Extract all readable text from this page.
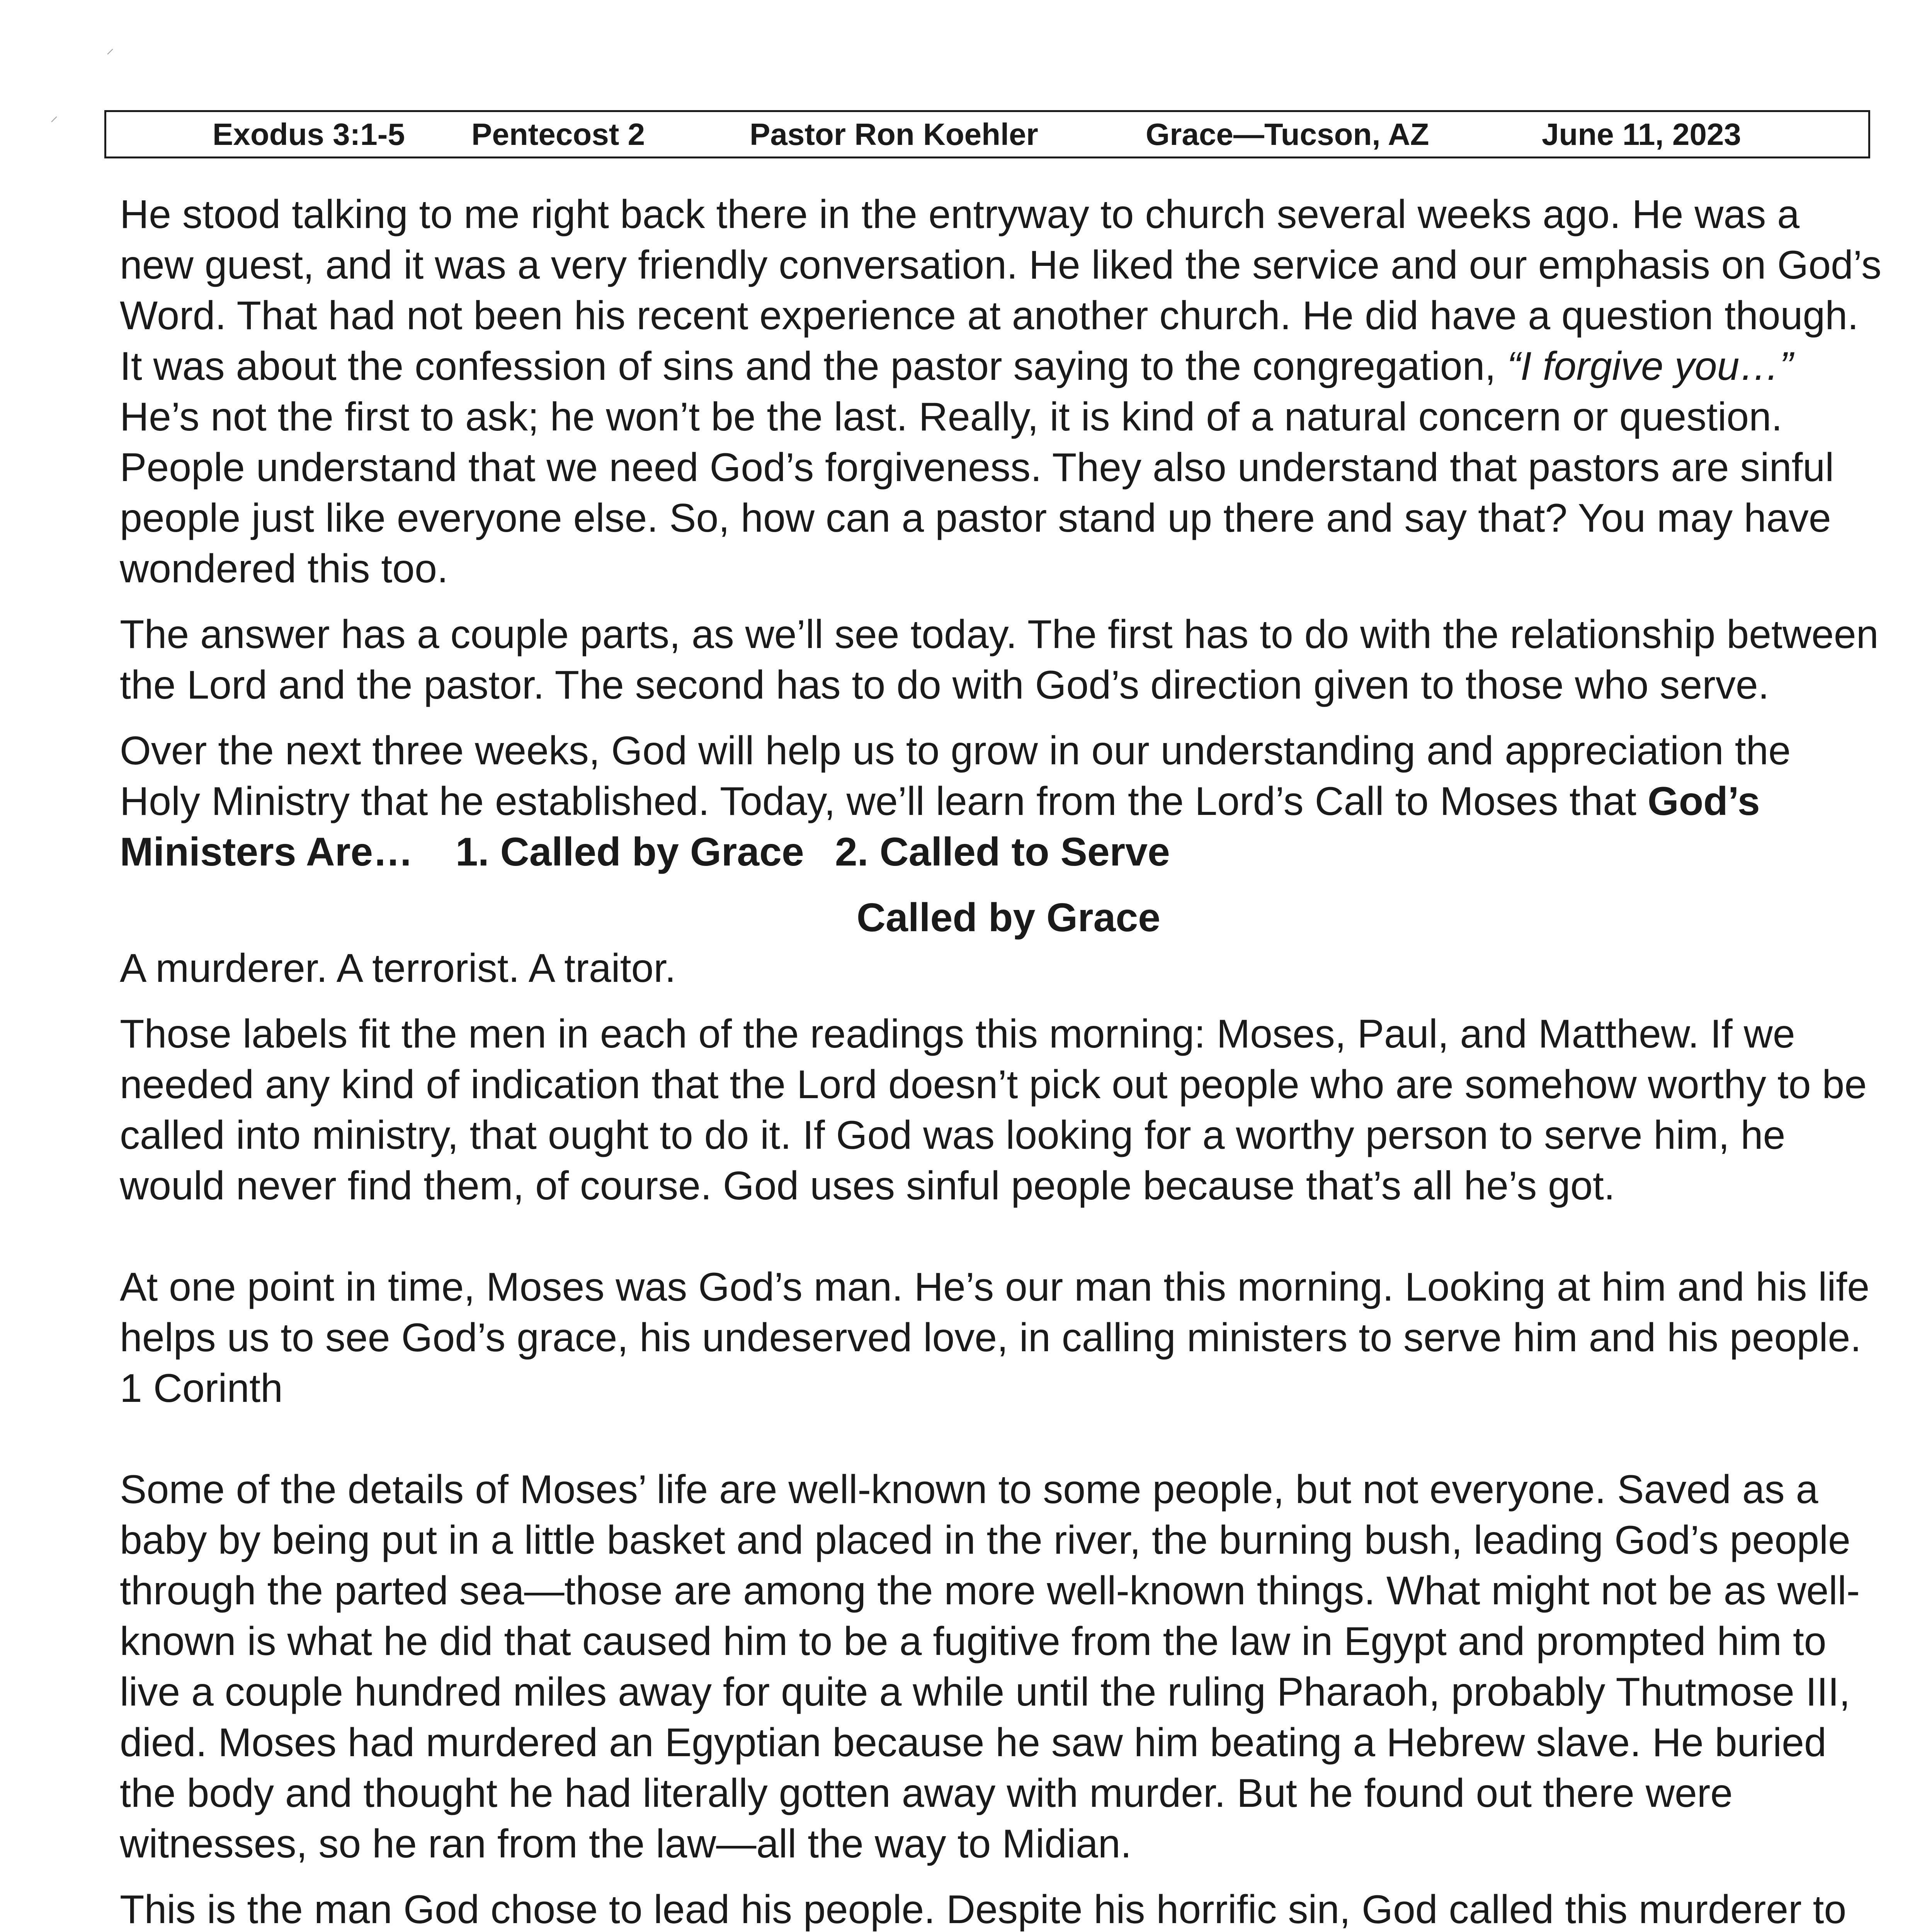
⸝
⸝
Exodus 3:1-5 Pentecost 2	Pastor Ron Koehler	Grace—Tucson, AZ	June 11, 2023

He stood talking to me right back there in the entryway to church several weeks ago. He was a new guest, and it was a very friendly conversation. He liked the service and our emphasis on God’s Word. That had not been his recent experience at another church. He did have a question though. It was about the confession of sins and the pastor saying to the congregation, “I forgive you…” He’s not the first to ask; he won’t be the last. Really, it is kind of a natural concern or question. People understand that we need God’s forgiveness. They also understand that pastors are sinful people just like everyone else. So, how can a pastor stand up there and say that? You may have wondered this too.

The answer has a couple parts, as we’ll see today. The first has to do with the relationship between the Lord and the pastor. The second has to do with God’s direction given to those who serve.

Over the next three weeks, God will help us to grow in our understanding and appreciation the Holy Ministry that he established. Today, we’ll learn from the Lord’s Call to Moses that God’s Ministers Are… 1. Called by Grace 2. Called to Serve

Called by Grace

A murderer. A terrorist. A traitor.

Those labels fit the men in each of the readings this morning: Moses, Paul, and Matthew. If we needed any kind of indication that the Lord doesn’t pick out people who are somehow worthy to be called into ministry, that ought to do it. If God was looking for a worthy person to serve him, he would never find them, of course. God uses sinful people because that’s all he’s got.

At one point in time, Moses was God’s man. He’s our man this morning. Looking at him and his life helps us to see God’s grace, his undeserved love, in calling ministers to serve him and his people. 1 Corinth

Some of the details of Moses’ life are well-known to some people, but not everyone. Saved as a baby by being put in a little basket and placed in the river, the burning bush, leading God’s people through the parted sea—those are among the more well-known things. What might not be as well-known is what he did that caused him to be a fugitive from the law in Egypt and prompted him to live a couple hundred miles away for quite a while until the ruling Pharaoh, probably Thutmose III, died. Moses had murdered an Egyptian because he saw him beating a Hebrew slave. He buried the body and thought he had literally gotten away with murder. But he found out there were witnesses, so he ran from the law—all the way to Midian.

This is the man God chose to lead his people. Despite his horrific sin, God called this murderer to
